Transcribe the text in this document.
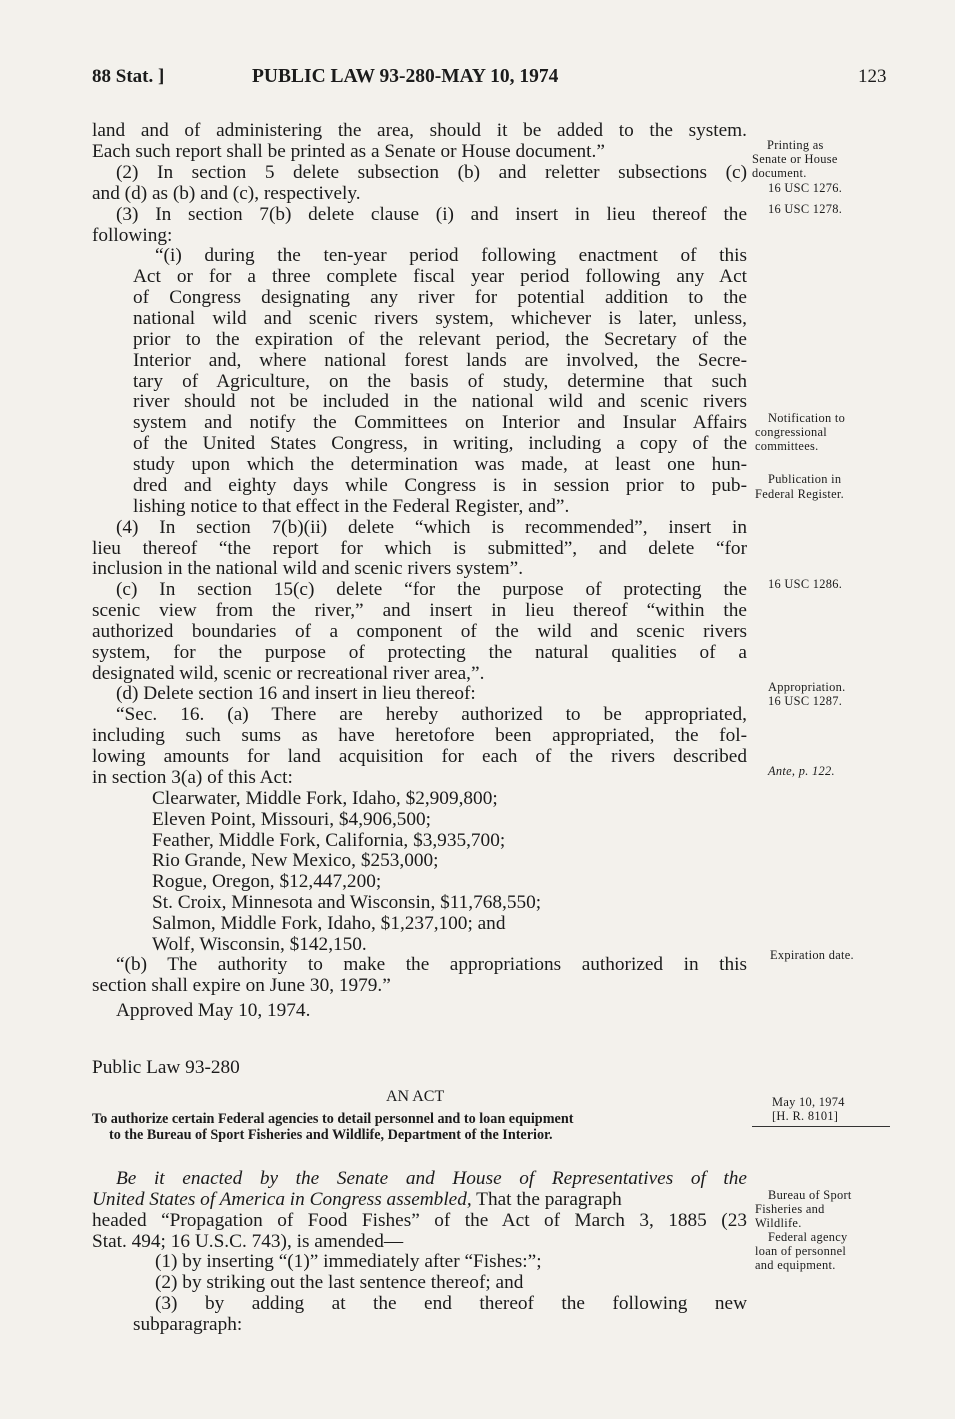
88 Stat. ]	PUBLIC LAW 93-280-MAY 10, 1974	123
land and of administering the area, should it be added to the system.
Each such report shall be printed as a Senate or House document.”
(2) In section 5 delete subsection (b) and reletter subsections (c)
and (d) as (b) and (c), respectively.
(3) In section 7(b) delete clause (i) and insert in lieu thereof the
following:
“(i) during the ten-year period following enactment of this
Act or for a three complete fiscal year period following any Act
of Congress designating any river for potential addition to the
national wild and scenic rivers system, whichever is later, unless,
prior to the expiration of the relevant period, the Secretary of the
Interior and, where national forest lands are involved, the Secre-
tary of Agriculture, on the basis of study, determine that such
river should not be included in the national wild and scenic rivers
system and notify the Committees on Interior and Insular Affairs
of the United States Congress, in writing, including a copy of the
study upon which the determination was made, at least one hun-
dred and eighty days while Congress is in session prior to pub-
lishing notice to that effect in the Federal Register, and”.
(4) In section 7(b)(ii) delete “which is recommended”, insert in
lieu thereof “the report for which is submitted”, and delete “for
inclusion in the national wild and scenic rivers system”.
(c) In section 15(c) delete “for the purpose of protecting the
scenic view from the river,” and insert in lieu thereof “within the
authorized boundaries of a component of the wild and scenic rivers
system, for the purpose of protecting the natural qualities of a
designated wild, scenic or recreational river area,”.
(d) Delete section 16 and insert in lieu thereof:
“Sec. 16. (a) There are hereby authorized to be appropriated,
including such sums as have heretofore been appropriated, the fol-
lowing amounts for land acquisition for each of the rivers described
in section 3(a) of this Act:
Clearwater, Middle Fork, Idaho, $2,909,800;
Eleven Point, Missouri, $4,906,500;
Feather, Middle Fork, California, $3,935,700;
Rio Grande, New Mexico, $253,000;
Rogue, Oregon, $12,447,200;
St. Croix, Minnesota and Wisconsin, $11,768,550;
Salmon, Middle Fork, Idaho, $1,237,100; and
Wolf, Wisconsin, $142,150.
“(b) The authority to make the appropriations authorized in this
section shall expire on June 30, 1979.”
Approved May 10, 1974.
Public Law 93-280
AN ACT
To authorize certain Federal agencies to detail personnel and to loan equipment
to the Bureau of Sport Fisheries and Wildlife, Department of the Interior.
Be it enacted by the Senate and House of Representatives of the
United States of America in Congress assembled, That the paragraph
headed “Propagation of Food Fishes” of the Act of March 3, 1885 (23
Stat. 494; 16 U.S.C. 743), is amended—
(1) by inserting “(1)” immediately after “Fishes:”;
(2) by striking out the last sentence thereof; and
(3) by adding at the end thereof the following new
subparagraph:
Printing as
Senate or House
document.
16 USC 1276.
16 USC 1278.
Notification to
congressional
committees.
Publication in
Federal Register.
16 USC 1286.
Appropriation.
16 USC 1287.
Ante, p. 122.
Expiration date.
May 10, 1974
[H. R. 8101]
Bureau of Sport
Fisheries and
Wildlife.
Federal agency
loan of personnel
and equipment.
